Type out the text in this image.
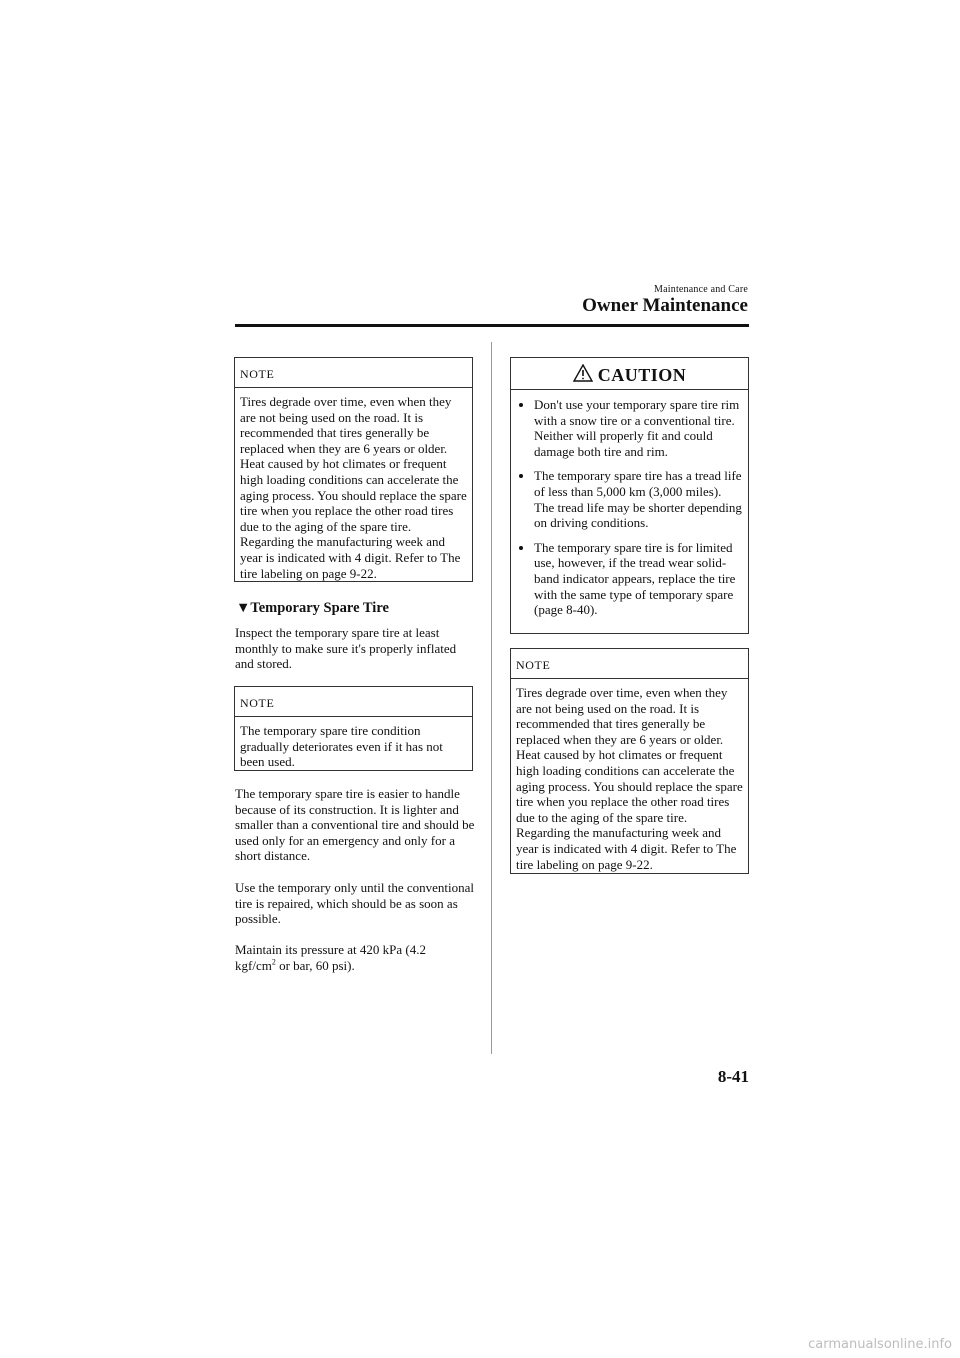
Maintenance and Care
Owner Maintenance
NOTE
Tires degrade over time, even when they are not being used on the road. It is recommended that tires generally be replaced when they are 6 years or older. Heat caused by hot climates or frequent high loading conditions can accelerate the aging process. You should replace the spare tire when you replace the other road tires due to the aging of the spare tire. Regarding the manufacturing week and year is indicated with 4 digit. Refer to The tire labeling on page 9-22.
▼Temporary Spare Tire
Inspect the temporary spare tire at least monthly to make sure it's properly inflated and stored.
NOTE
The temporary spare tire condition gradually deteriorates even if it has not been used.
The temporary spare tire is easier to handle because of its construction. It is lighter and smaller than a conventional tire and should be used only for an emergency and only for a short distance.
Use the temporary only until the conventional tire is repaired, which should be as soon as possible.
Maintain its pressure at 420 kPa (4.2 kgf/$cm^2$ or bar, 60 psi).
CAUTION
Don't use your temporary spare tire rim with a snow tire or a conventional tire. Neither will properly fit and could damage both tire and rim.
The temporary spare tire has a tread life of less than 5,000 km (3,000 miles). The tread life may be shorter depending on driving conditions.
The temporary spare tire is for limited use, however, if the tread wear solid-band indicator appears, replace the tire with the same type of temporary spare (page 8-40).
NOTE
Tires degrade over time, even when they are not being used on the road. It is recommended that tires generally be replaced when they are 6 years or older. Heat caused by hot climates or frequent high loading conditions can accelerate the aging process. You should replace the spare tire when you replace the other road tires due to the aging of the spare tire. Regarding the manufacturing week and year is indicated with 4 digit. Refer to The tire labeling on page 9-22.
8-41
carmanualsonline.info
